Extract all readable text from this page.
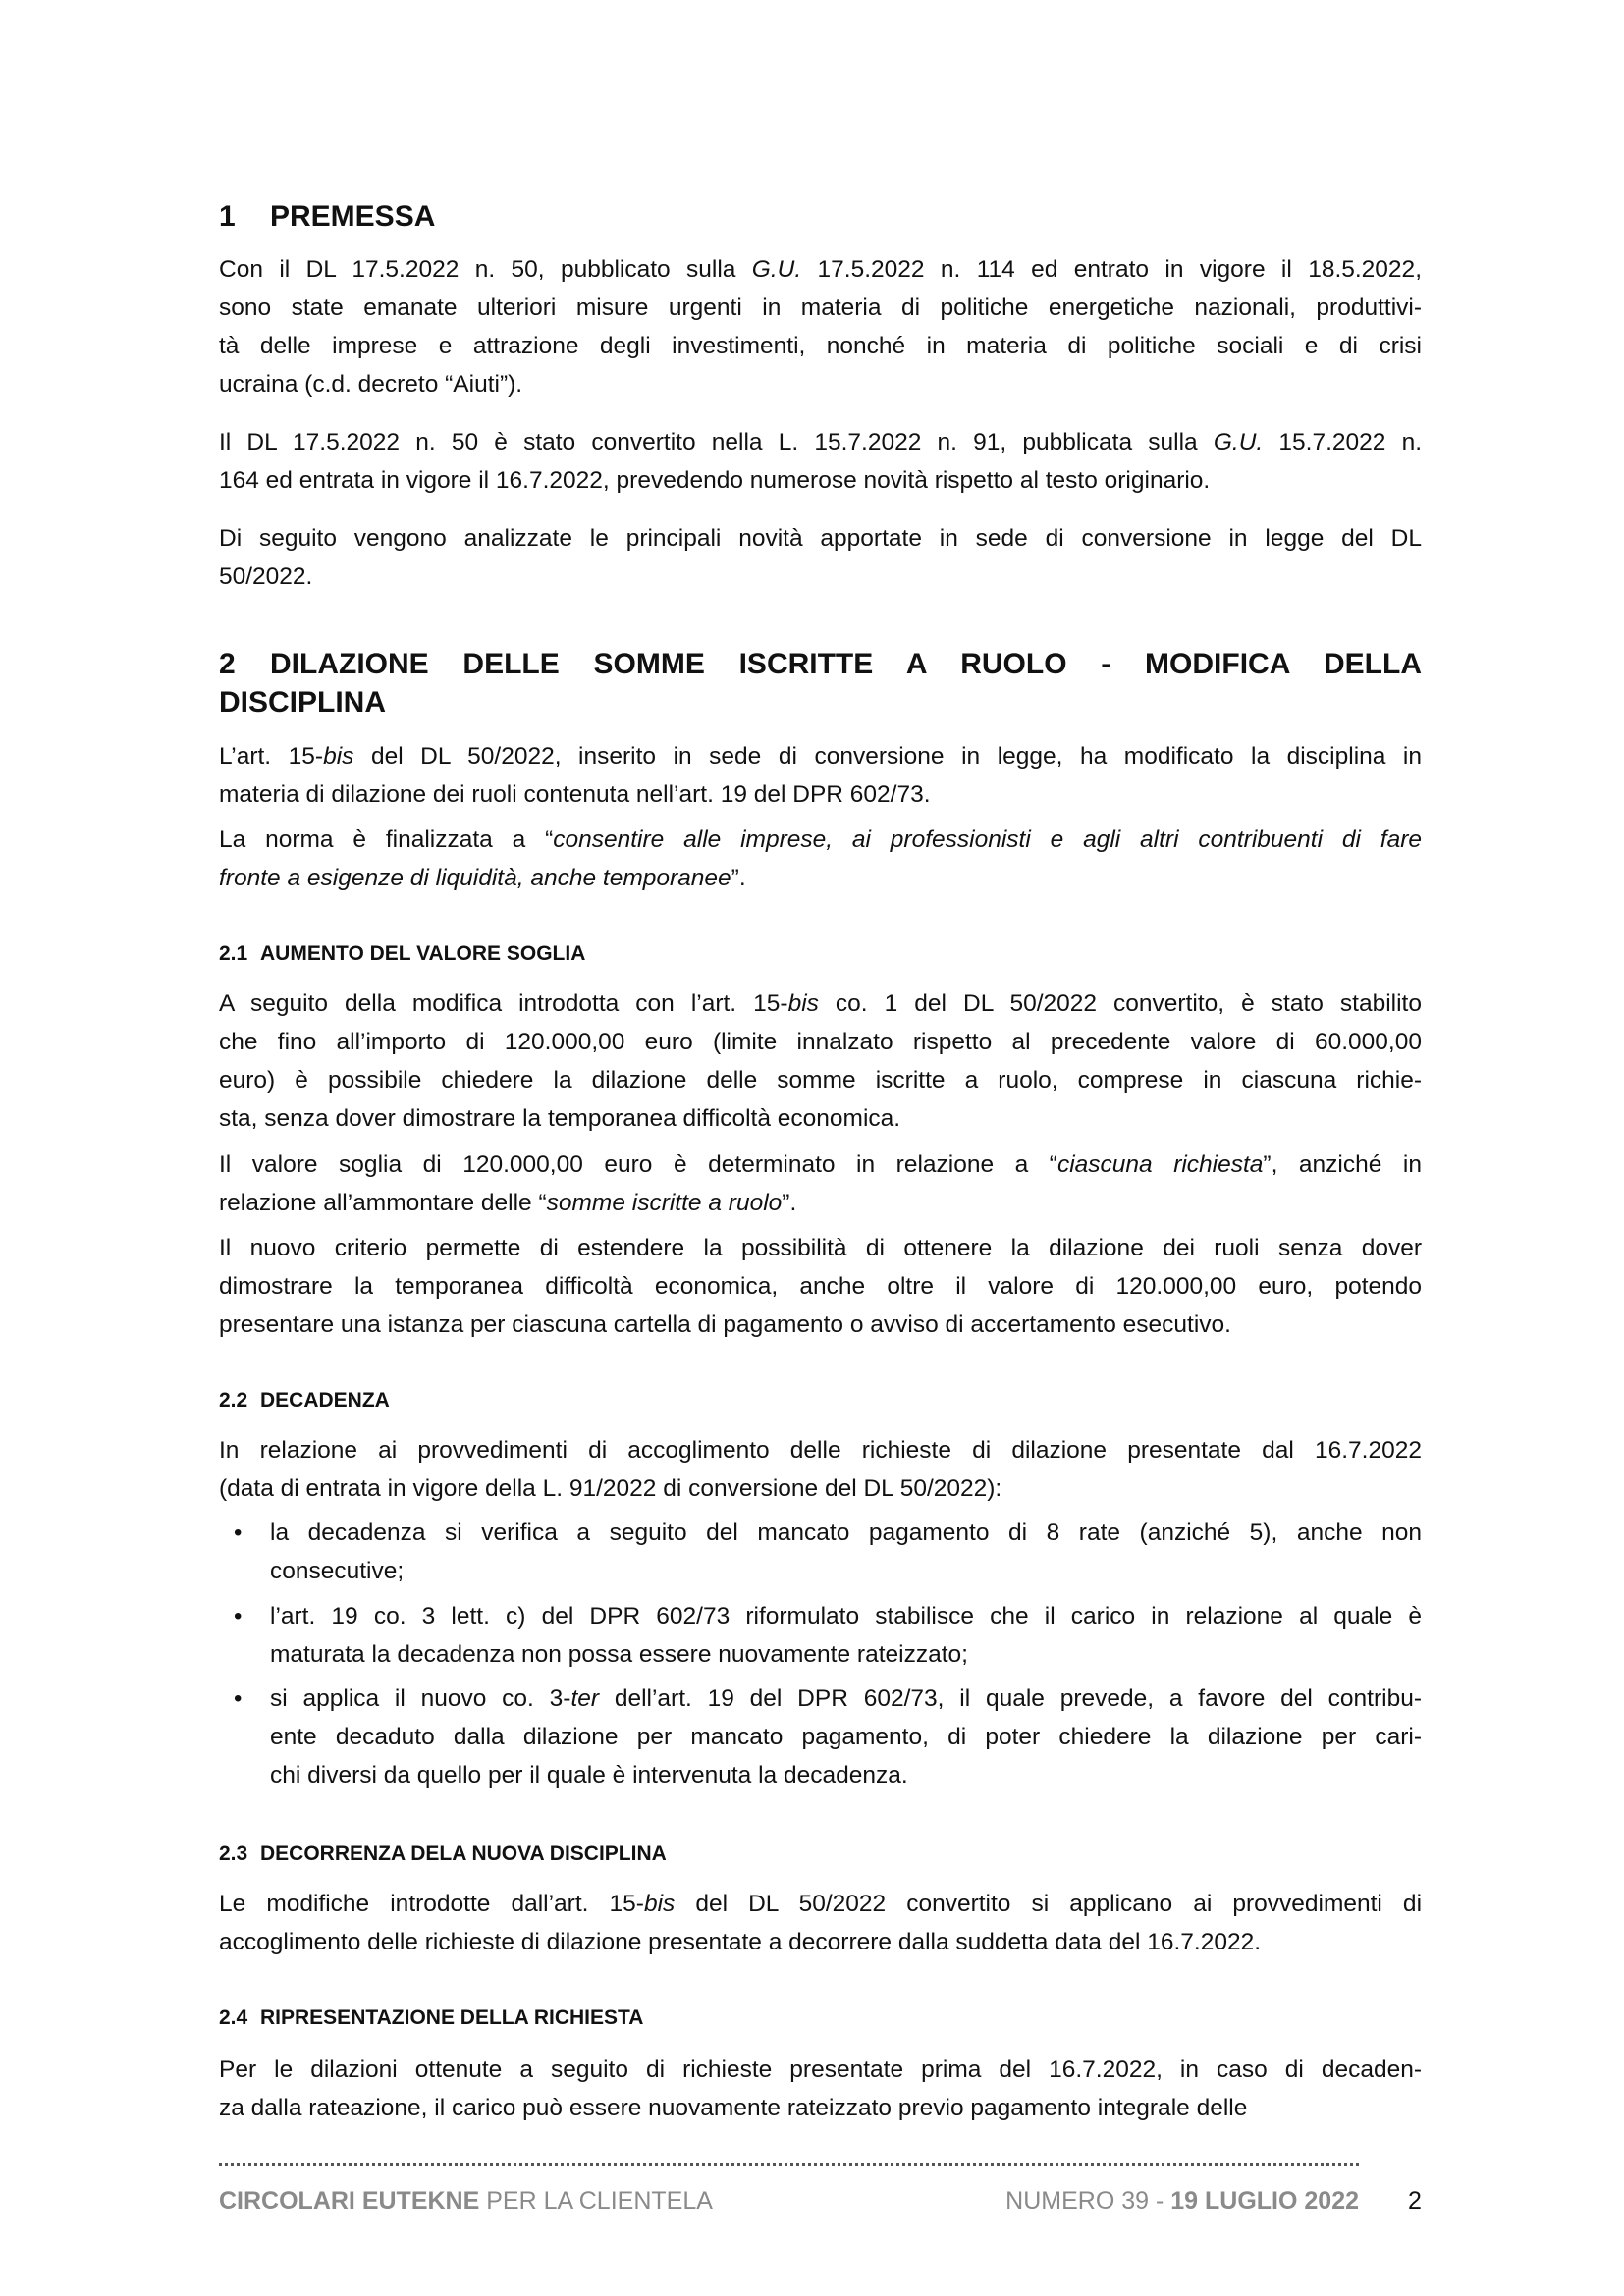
1 PREMESSA
Con il DL 17.5.2022 n. 50, pubblicato sulla G.U. 17.5.2022 n. 114 ed entrato in vigore il 18.5.2022,
sono state emanate ulteriori misure urgenti in materia di politiche energetiche nazionali, produttivi-
tà delle imprese e attrazione degli investimenti, nonché in materia di politiche sociali e di crisi
ucraina (c.d. decreto “Aiuti”).
Il DL 17.5.2022 n. 50 è stato convertito nella L. 15.7.2022 n. 91, pubblicata sulla G.U. 15.7.2022 n.
164 ed entrata in vigore il 16.7.2022, prevedendo numerose novità rispetto al testo originario.
Di seguito vengono analizzate le principali novità apportate in sede di conversione in legge del DL
50/2022.
2 DILAZIONE DELLE SOMME ISCRITTE A RUOLO - MODIFICA DELLA
DISCIPLINA
L’art. 15-bis del DL 50/2022, inserito in sede di conversione in legge, ha modificato la disciplina in
materia di dilazione dei ruoli contenuta nell’art. 19 del DPR 602/73.
La norma è finalizzata a “consentire alle imprese, ai professionisti e agli altri contribuenti di fare
fronte a esigenze di liquidità, anche temporanee”.
2.1 AUMENTO DEL VALORE SOGLIA
A seguito della modifica introdotta con l’art. 15-bis co. 1 del DL 50/2022 convertito, è stato stabilito
che fino all’importo di 120.000,00 euro (limite innalzato rispetto al precedente valore di 60.000,00
euro) è possibile chiedere la dilazione delle somme iscritte a ruolo, comprese in ciascuna richie-
sta, senza dover dimostrare la temporanea difficoltà economica.
Il valore soglia di 120.000,00 euro è determinato in relazione a “ciascuna richiesta”, anziché in
relazione all’ammontare delle “somme iscritte a ruolo”.
Il nuovo criterio permette di estendere la possibilità di ottenere la dilazione dei ruoli senza dover
dimostrare la temporanea difficoltà economica, anche oltre il valore di 120.000,00 euro, potendo
presentare una istanza per ciascuna cartella di pagamento o avviso di accertamento esecutivo.
2.2 DECADENZA
In relazione ai provvedimenti di accoglimento delle richieste di dilazione presentate dal 16.7.2022
(data di entrata in vigore della L. 91/2022 di conversione del DL 50/2022):
• la decadenza si verifica a seguito del mancato pagamento di 8 rate (anziché 5), anche non
consecutive;
• l’art. 19 co. 3 lett. c) del DPR 602/73 riformulato stabilisce che il carico in relazione al quale è
maturata la decadenza non possa essere nuovamente rateizzato;
• si applica il nuovo co. 3-ter dell’art. 19 del DPR 602/73, il quale prevede, a favore del contribu-
ente decaduto dalla dilazione per mancato pagamento, di poter chiedere la dilazione per cari-
chi diversi da quello per il quale è intervenuta la decadenza.
2.3 DECORRENZA DELA NUOVA DISCIPLINA
Le modifiche introdotte dall’art. 15-bis del DL 50/2022 convertito si applicano ai provvedimenti di
accoglimento delle richieste di dilazione presentate a decorrere dalla suddetta data del 16.7.2022.
2.4 RIPRESENTAZIONE DELLA RICHIESTA
Per le dilazioni ottenute a seguito di richieste presentate prima del 16.7.2022, in caso di decaden-
za dalla rateazione, il carico può essere nuovamente rateizzato previo pagamento integrale delle
CIRCOLARI EUTEKNE PER LA CLIENTELA	NUMERO 39 - 19 LUGLIO 2022 2
